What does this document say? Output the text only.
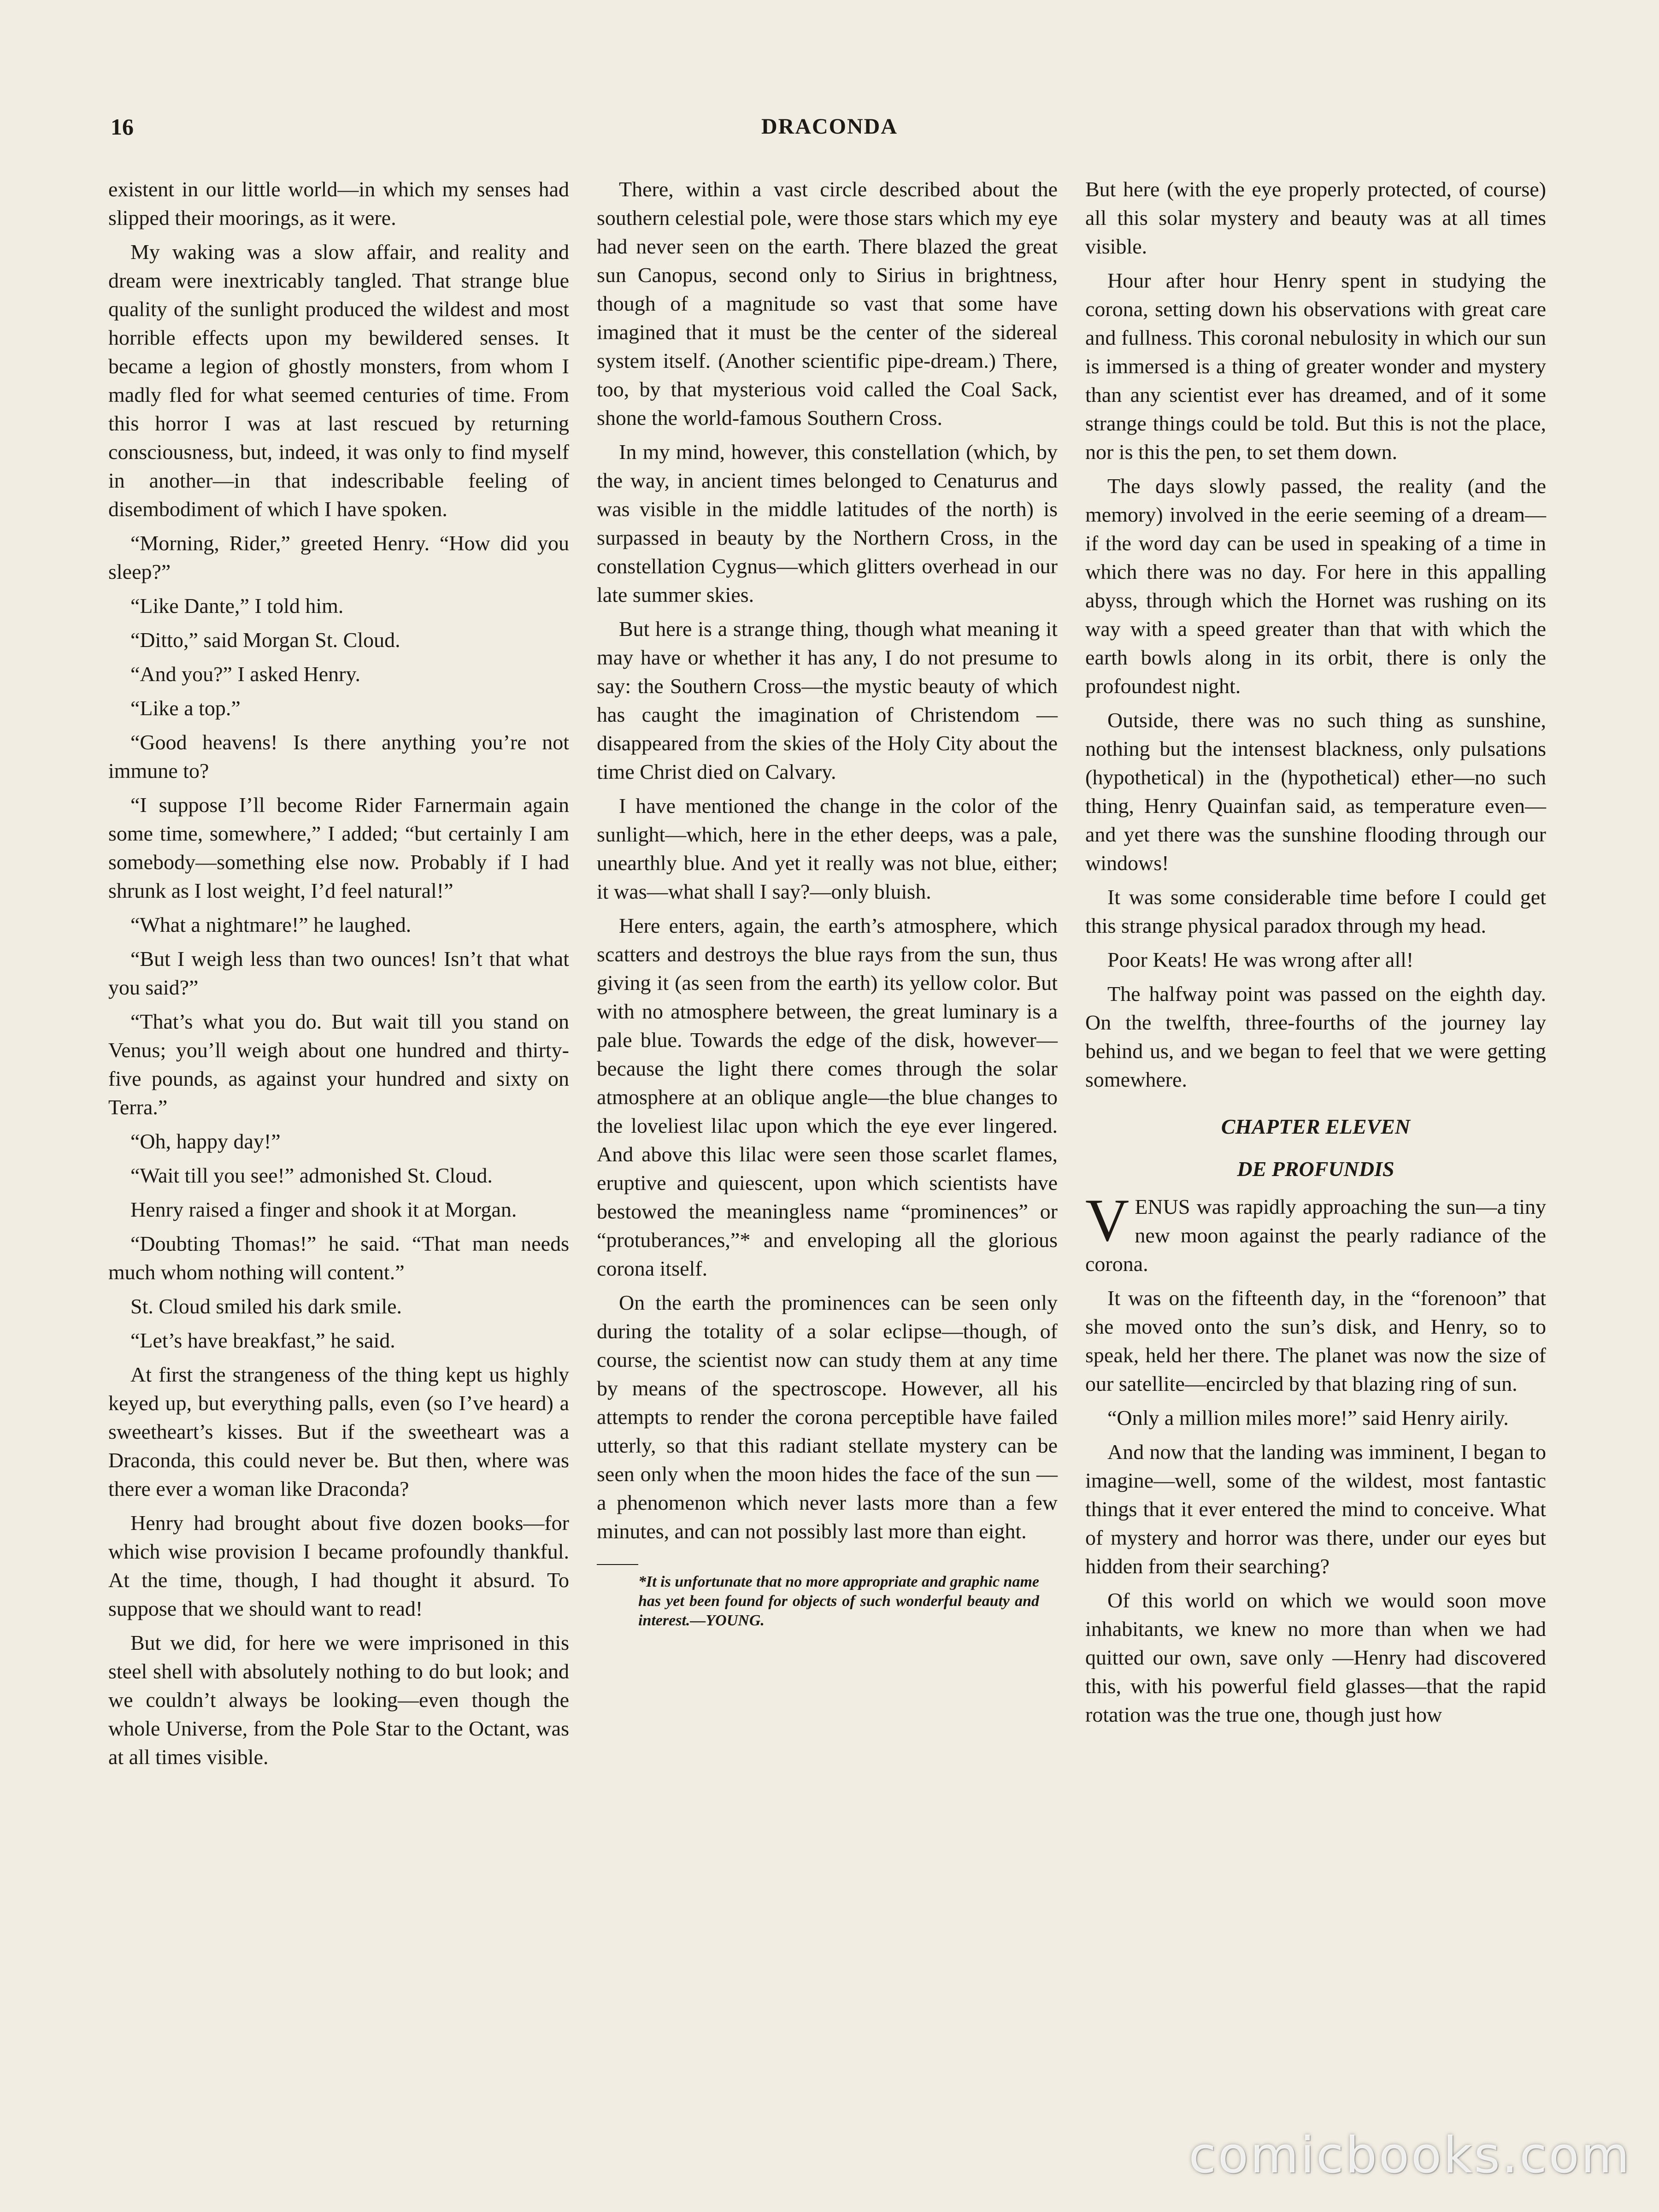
16	DRACONDA

existent in our little world—in which my senses had slipped their moorings, as it were.

My waking was a slow affair, and reality and dream were inextricably tangled. That strange blue quality of the sunlight produced the wildest and most horrible effects upon my bewildered senses. It became a legion of ghostly monsters, from whom I madly fled for what seemed centuries of time. From this horror I was at last rescued by returning consciousness, but, indeed, it was only to find myself in another—in that indescribable feeling of disembodiment of which I have spoken.

“Morning, Rider,” greeted Henry. “How did you sleep?”

“Like Dante,” I told him.

“Ditto,” said Morgan St. Cloud.

“And you?” I asked Henry.

“Like a top.”

“Good heavens! Is there anything you’re not immune to?

“I suppose I’ll become Rider Farnermain again some time, somewhere,” I added; “but certainly I am somebody—something else now. Probably if I had shrunk as I lost weight, I’d feel natural!”

“What a nightmare!” he laughed.

“But I weigh less than two ounces! Isn’t that what you said?”

“That’s what you do. But wait till you stand on Venus; you’ll weigh about one hundred and thirty-five pounds, as against your hundred and sixty on Terra.”

“Oh, happy day!”

“Wait till you see!” admonished St. Cloud.

Henry raised a finger and shook it at Morgan.

“Doubting Thomas!” he said. “That man needs much whom nothing will content.”

St. Cloud smiled his dark smile.

“Let’s have breakfast,” he said.

At first the strangeness of the thing kept us highly keyed up, but everything palls, even (so I’ve heard) a sweetheart’s kisses. But if the sweetheart was a Draconda, this could never be. But then, where was there ever a woman like Draconda?

Henry had brought about five dozen books—for which wise provision I became profoundly thankful. At the time, though, I had thought it absurd. To suppose that we should want to read!

But we did, for here we were imprisoned in this steel shell with absolutely nothing to do but look; and we couldn’t always be looking—even though the whole Universe, from the Pole Star to the Octant, was at all times visible.

There, within a vast circle described about the southern celestial pole, were those stars which my eye had never seen on the earth. There blazed the great sun Canopus, second only to Sirius in brightness, though of a magnitude so vast that some have imagined that it must be the center of the sidereal system itself. (Another scientific pipe-dream.) There, too, by that mysterious void called the Coal Sack, shone the world-famous Southern Cross.

In my mind, however, this constellation (which, by the way, in ancient times belonged to Cenaturus and was visible in the middle latitudes of the north) is surpassed in beauty by the Northern Cross, in the constellation Cygnus—which glitters overhead in our late summer skies.

But here is a strange thing, though what meaning it may have or whether it has any, I do not presume to say: the Southern Cross—the mystic beauty of which has caught the imagination of Christendom — disappeared from the skies of the Holy City about the time Christ died on Calvary.

I have mentioned the change in the color of the sunlight—which, here in the ether deeps, was a pale, unearthly blue. And yet it really was not blue, either; it was—what shall I say?—only bluish.

Here enters, again, the earth’s atmosphere, which scatters and destroys the blue rays from the sun, thus giving it (as seen from the earth) its yellow color. But with no atmosphere between, the great luminary is a pale blue. Towards the edge of the disk, however—because the light there comes through the solar atmosphere at an oblique angle—the blue changes to the loveliest lilac upon which the eye ever lingered. And above this lilac were seen those scarlet flames, eruptive and quiescent, upon which scientists have bestowed the meaningless name “prominences” or “protuberances,”* and enveloping all the glorious corona itself.

On the earth the prominences can be seen only during the totality of a solar eclipse—though, of course, the scientist now can study them at any time by means of the spectroscope. However, all his attempts to render the corona perceptible have failed utterly, so that this radiant stellate mystery can be seen only when the moon hides the face of the sun —a phenomenon which never lasts more than a few minutes, and can not possibly last more than eight.

*It is unfortunate that no more appropriate and graphic name has yet been found for objects of such wonderful beauty and interest.—YOUNG.

But here (with the eye properly protected, of course) all this solar mystery and beauty was at all times visible.

Hour after hour Henry spent in studying the corona, setting down his observations with great care and fullness. This coronal nebulosity in which our sun is immersed is a thing of greater wonder and mystery than any scientist ever has dreamed, and of it some strange things could be told. But this is not the place, nor is this the pen, to set them down.

The days slowly passed, the reality (and the memory) involved in the eerie seeming of a dream—if the word day can be used in speaking of a time in which there was no day. For here in this appalling abyss, through which the Hornet was rushing on its way with a speed greater than that with which the earth bowls along in its orbit, there is only the profoundest night.

Outside, there was no such thing as sunshine, nothing but the intensest blackness, only pulsations (hypothetical) in the (hypothetical) ether—no such thing, Henry Quainfan said, as temperature even—and yet there was the sunshine flooding through our windows!

It was some considerable time before I could get this strange physical paradox through my head.

Poor Keats! He was wrong after all!

The halfway point was passed on the eighth day. On the twelfth, three-fourths of the journey lay behind us, and we began to feel that we were getting somewhere.

CHAPTER ELEVEN
DE PROFUNDIS

VENUS was rapidly approaching the sun—a tiny new moon against the pearly radiance of the corona.

It was on the fifteenth day, in the “forenoon” that she moved onto the sun’s disk, and Henry, so to speak, held her there. The planet was now the size of our satellite—encircled by that blazing ring of sun.

“Only a million miles more!” said Henry airily.

And now that the landing was imminent, I began to imagine—well, some of the wildest, most fantastic things that it ever entered the mind to conceive. What of mystery and horror was there, under our eyes but hidden from their searching?

Of this world on which we would soon move inhabitants, we knew no more than when we had quitted our own, save only —Henry had discovered this, with his powerful field glasses—that the rapid rotation was the true one, though just how

comicbooks.com
